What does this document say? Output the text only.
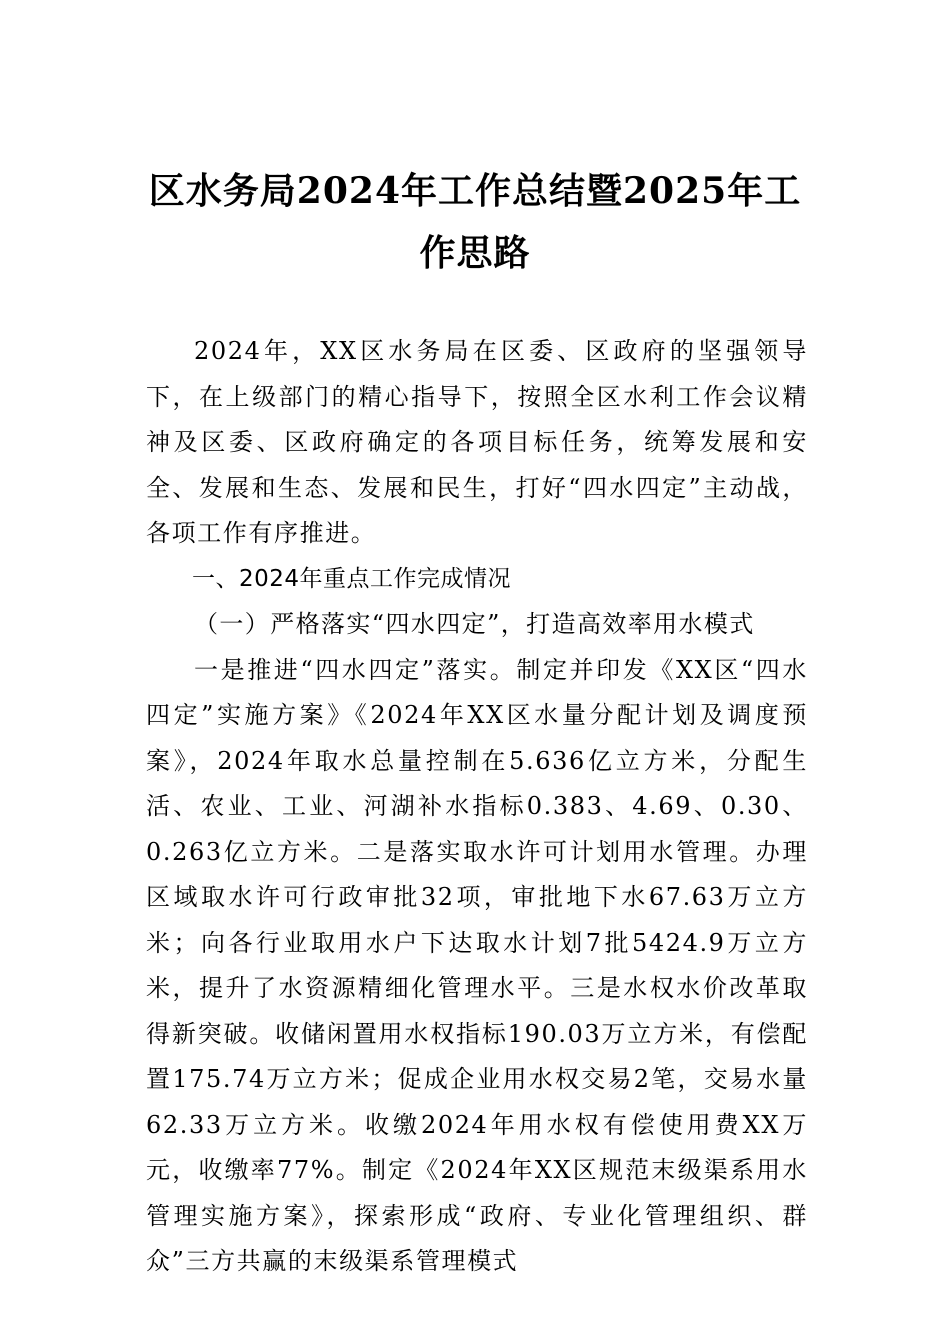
区水务局2024年工作总结暨2025年工作思路

2024年，XX区水务局在区委、区政府的坚强领导下，在上级部门的精心指导下，按照全区水利工作会议精神及区委、区政府确定的各项目标任务，统筹发展和安全、发展和生态、发展和民生，打好“四水四定”主动战，各项工作有序推进。

一、2024年重点工作完成情况

（一）严格落实“四水四定”，打造高效率用水模式

一是推进“四水四定”落实。制定并印发《XX区“四水四定”实施方案》《2024年XX区水量分配计划及调度预案》，2024年取水总量控制在5.636亿立方米，分配生活、农业、工业、河湖补水指标0.383、4.69、0.30、0.263亿立方米。二是落实取水许可计划用水管理。办理区域取水许可行政审批32项，审批地下水67.63万立方米；向各行业取用水户下达取水计划7批5424.9万立方米，提升了水资源精细化管理水平。三是水权水价改革取得新突破。收储闲置用水权指标190.03万立方米，有偿配置175.74万立方米；促成企业用水权交易2笔，交易水量62.33万立方米。收缴2024年用水权有偿使用费XX万元，收缴率77%。制定《2024年XX区规范末级渠系用水管理实施方案》，探索形成“政府、专业化管理组织、群众”三方共赢的末级渠系管理模式
